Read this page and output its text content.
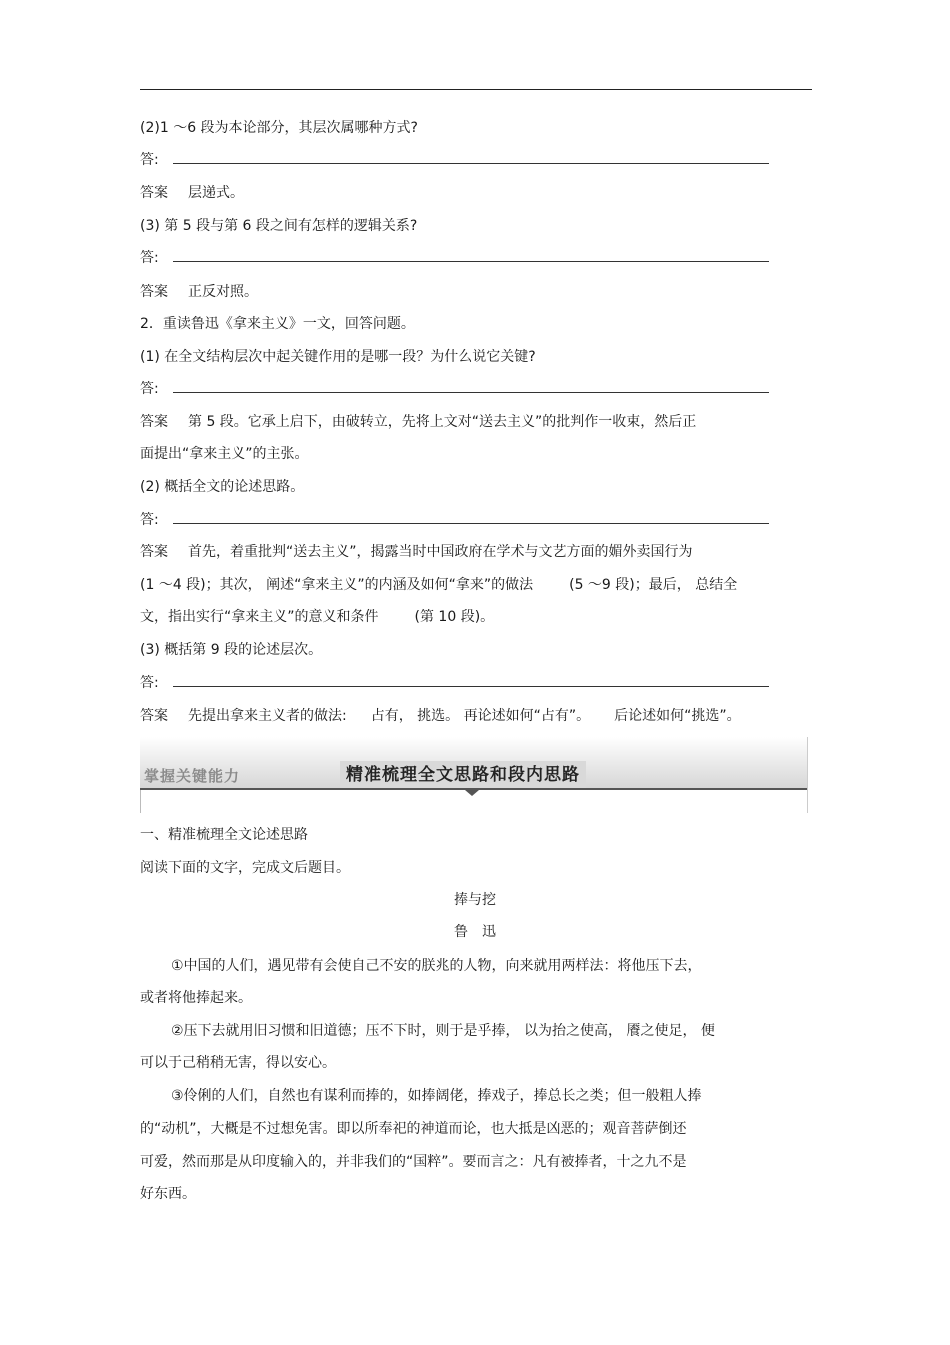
(2)1 ～6 段为本论部分，其层次属哪种方式?
答:
答案 层递式。
(3) 第 5 段与第 6 段之间有怎样的逻辑关系?
答:
答案 正反对照。
2．重读鲁迅《拿来主义》一文，回答问题。
(1) 在全文结构层次中起关键作用的是哪一段？为什么说它关键?
答:
答案 第 5 段。它承上启下，由破转立，先将上文对“送去主义”的批判作一收束，然后正
面提出“拿来主义”的主张。
(2) 概括全文的论述思路。
答:
答案 首先，着重批判“送去主义”，揭露当时中国政府在学术与文艺方面的媚外卖国行为
(1 ～4 段)；其次， 阐述“拿来主义”的内涵及如何“拿来”的做法	(5 ～9 段)；最后， 总结全
文，指出实行“拿来主义”的意义和条件	(第 10 段)。
(3) 概括第 9 段的论述层次。
答:
答案 先提出拿来主义者的做法: 占有， 挑选。 再论述如何“占有”。 后论述如何“挑选”。
掌握关键能力	精准梳理全文思路和段内思路
一、精准梳理全文论述思路
阅读下面的文字，完成文后题目。
捧与挖
鲁　迅
①中国的人们，遇见带有会使自己不安的朕兆的人物，向来就用两样法：将他压下去，
或者将他捧起来。
②压下去就用旧习惯和旧道德；压不下时，则于是乎捧， 以为抬之使高， 餍之使足， 便
可以于己稍稍无害，得以安心。
③伶俐的人们，自然也有谋利而捧的，如捧阔佬，捧戏子，捧总长之类；但一般粗人捧
的“动机”，大概是不过想免害。即以所奉祀的神道而论，也大抵是凶恶的；观音菩萨倒还
可爱，然而那是从印度输入的，并非我们的“国粹”。要而言之：凡有被捧者，十之九不是
好东西。
